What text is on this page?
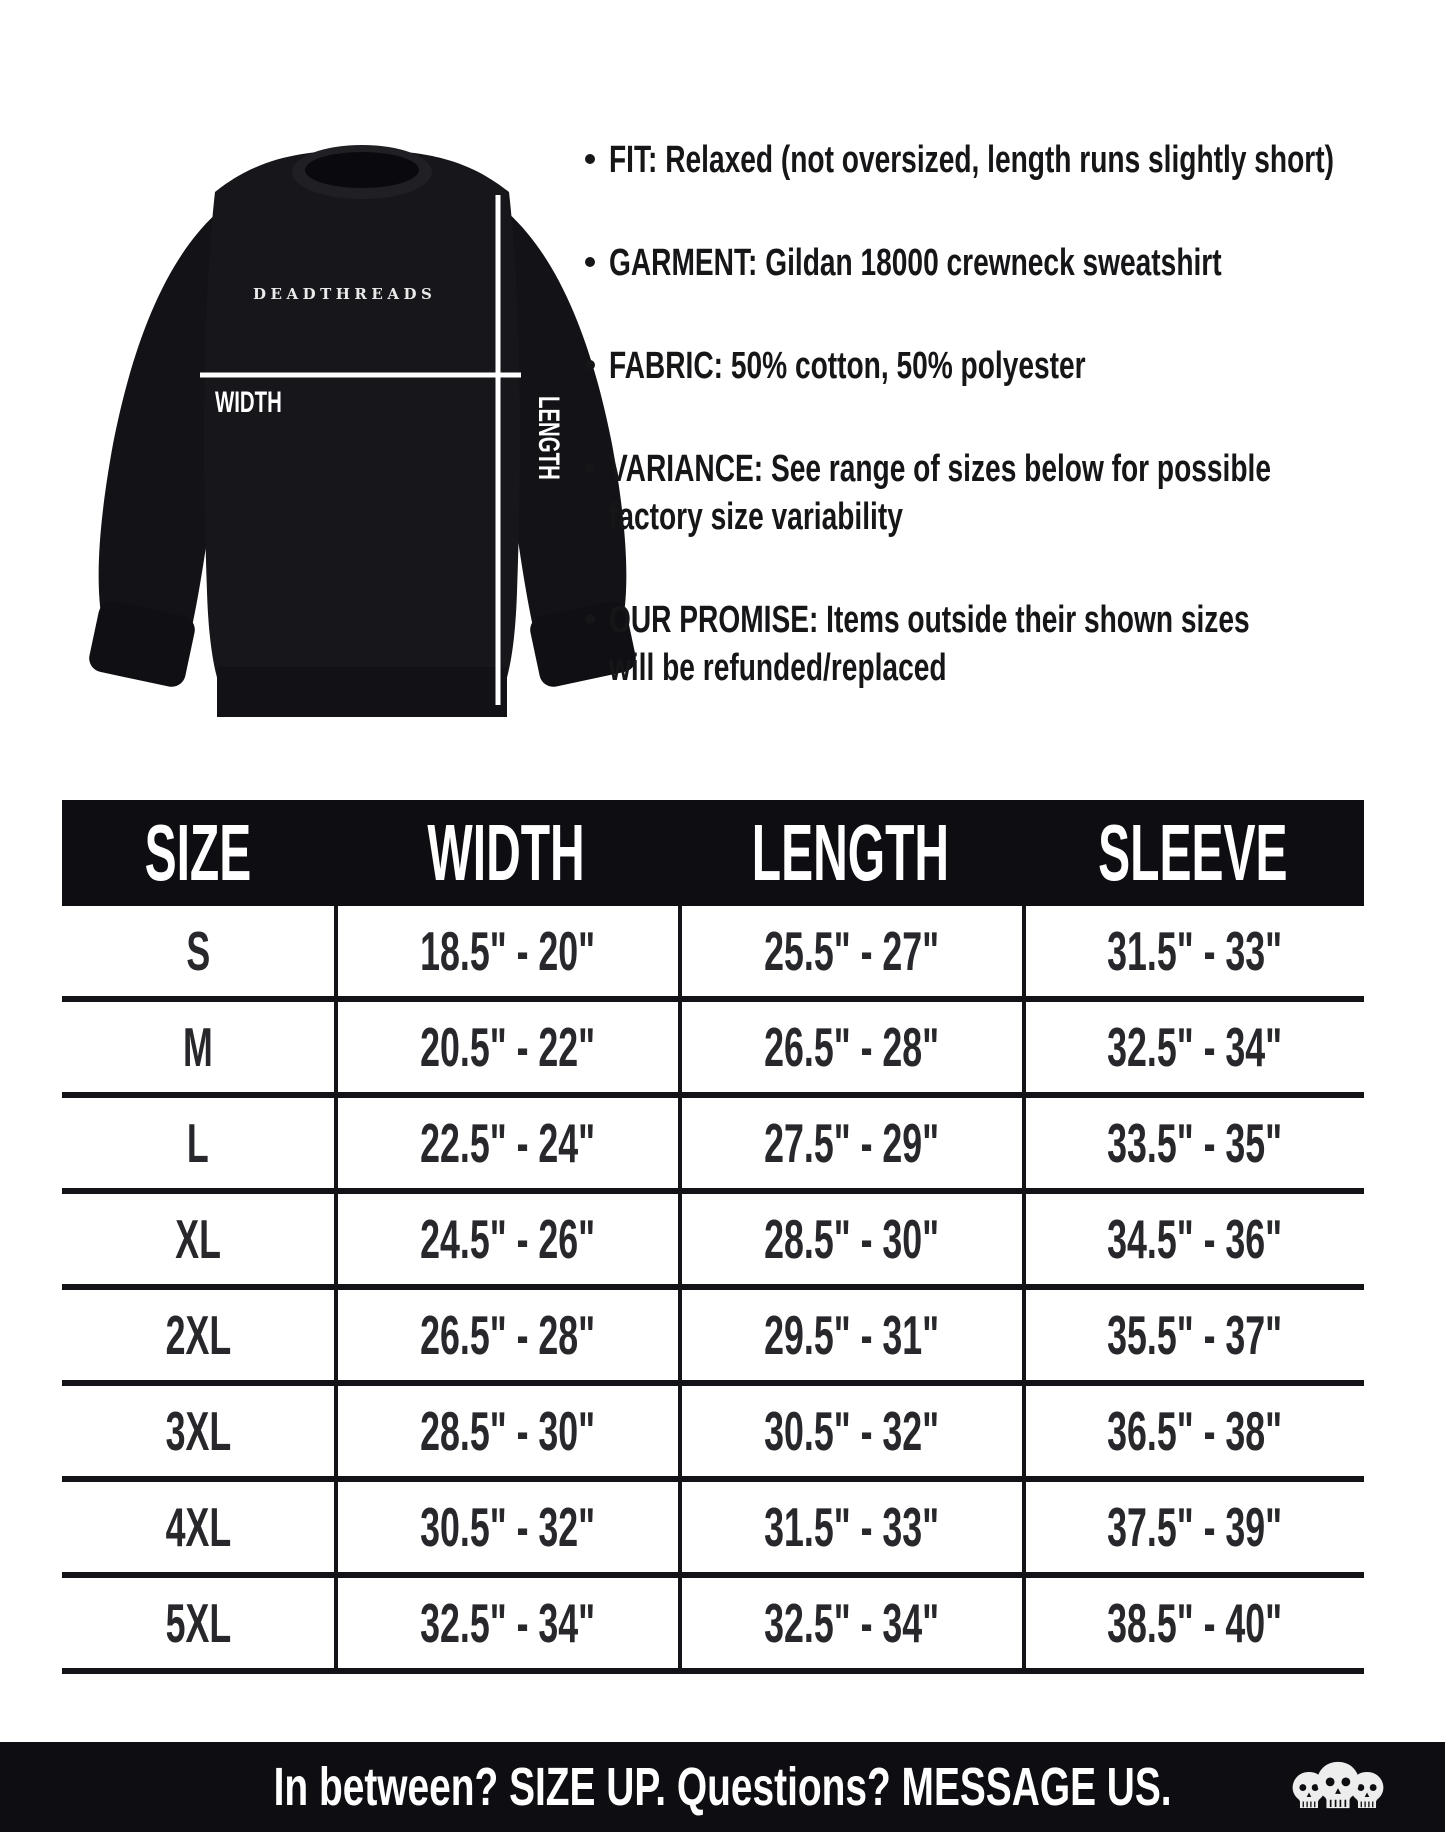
DEADTHREADS
WIDTH	LENGTH
FIT: Relaxed (not oversized, length runs slightly short)
GARMENT: Gildan 18000 crewneck sweatshirt
FABRIC: 50% cotton, 50% polyester
VARIANCE: See range of sizes below for possible
factory size variability
OUR PROMISE: Items outside their shown sizes
will be refunded/replaced
SIZE	WIDTH	LENGTH	SLEEVE
S	18.5" - 20"	25.5" - 27"	31.5" - 33"
M	20.5" - 22"	26.5" - 28"	32.5" - 34"
L	22.5" - 24"	27.5" - 29"	33.5" - 35"
XL	24.5" - 26"	28.5" - 30"	34.5" - 36"
2XL	26.5" - 28"	29.5" - 31"	35.5" - 37"
3XL	28.5" - 30"	30.5" - 32"	36.5" - 38"
4XL	30.5" - 32"	31.5" - 33"	37.5" - 39"
5XL	32.5" - 34"	32.5" - 34"	38.5" - 40"
In between? SIZE UP. Questions? MESSAGE US.
